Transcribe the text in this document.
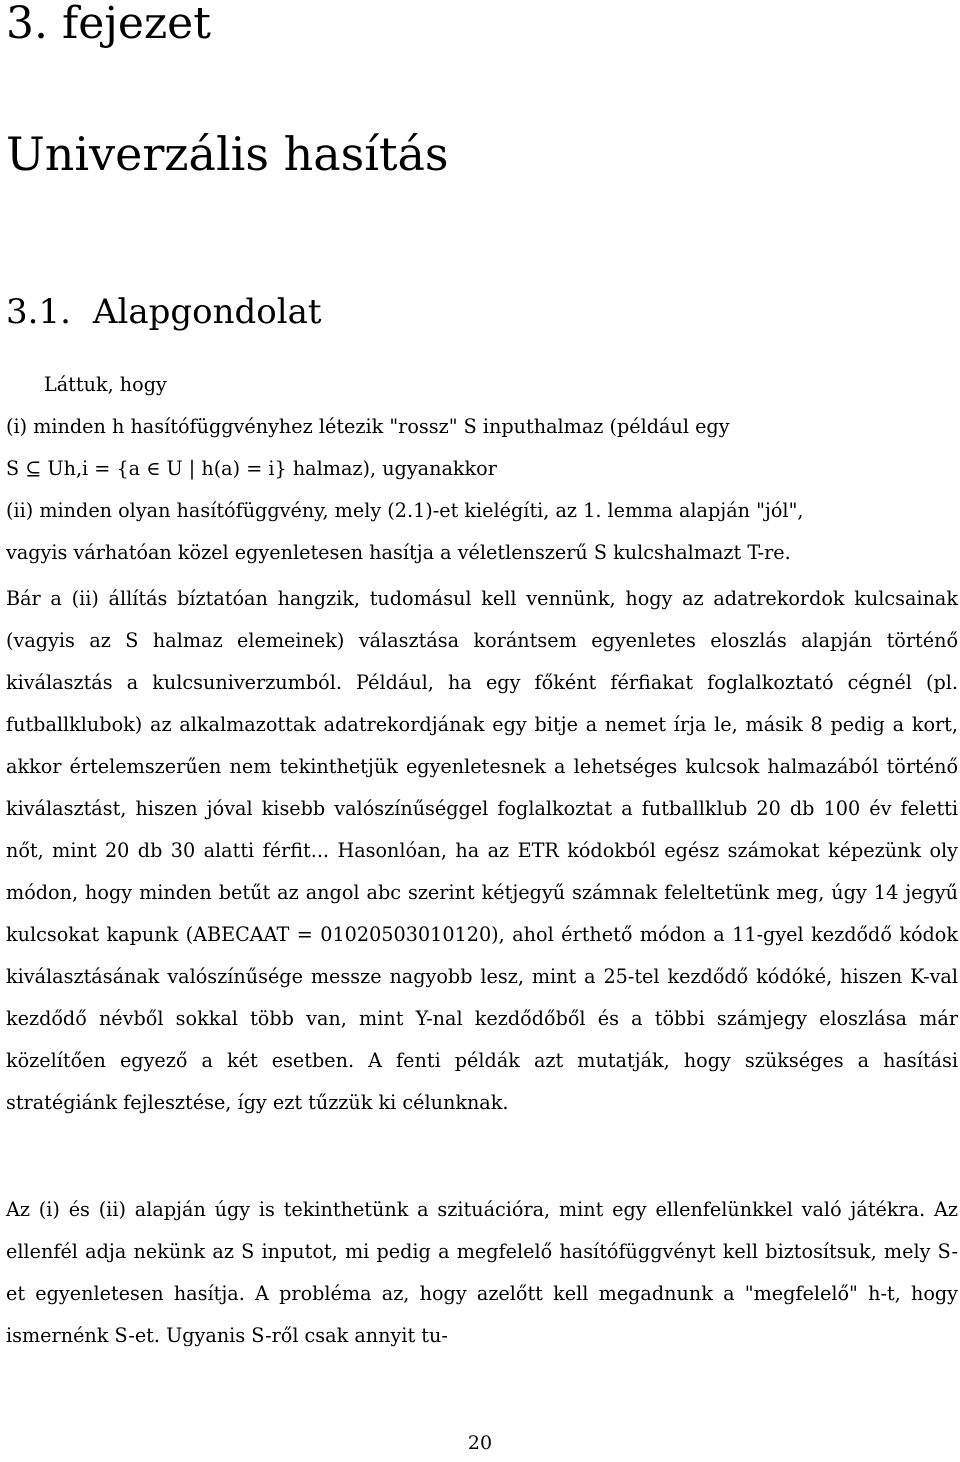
3. fejezet
Univerzális hasítás
3.1. Alapgondolat
Láttuk, hogy
(i) minden h hasítófüggvényhez létezik "rossz" S inputhalmaz (például egy
S ⊆ Uh,i = {a ∈ U | h(a) = i} halmaz), ugyanakkor
(ii) minden olyan hasítófüggvény, mely (2.1)-et kielégíti, az 1. lemma alapján "jól",
vagyis várhatóan közel egyenletesen hasítja a véletlenszerű S kulcshalmazt T-re.

Bár a (ii) állítás bíztatóan hangzik, tudomásul kell vennünk, hogy az adatrekordok kulcsainak (vagyis az S halmaz elemeinek) választása korántsem egyenletes eloszlás alapján történő kiválasztás a kulcsuniverzumból. Például, ha egy főként férfiakat foglalkoztató cégnél (pl. futballklubok) az alkalmazottak adatrekordjának egy bitje a nemet írja le, másik 8 pedig a kort, akkor értelemszerűen nem tekinthetjük egyenletesnek a lehetséges kulcsok halmazából történő kiválasztást, hiszen jóval kisebb valószínűséggel foglalkoztat a futballklub 20 db 100 év feletti nőt, mint 20 db 30 alatti férfit... Hasonlóan, ha az ETR kódokból egész számokat képezünk oly módon, hogy minden betűt az angol abc szerint kétjegyű számnak feleltetünk meg, úgy 14 jegyű kulcsokat kapunk (ABECAAT = 01020503010120), ahol érthető módon a 11-gyel kezdődő kódok kiválasztásának valószínűsége messze nagyobb lesz, mint a 25-tel kezdődő kódóké, hiszen K-val kezdődő névből sokkal több van, mint Y-nal kezdődőből és a többi számjegy eloszlása már közelítően egyező a két esetben. A fenti példák azt mutatják, hogy szükséges a hasítási stratégiánk fejlesztése, így ezt tűzzük ki célunknak.

Az (i) és (ii) alapján úgy is tekinthetünk a szituációra, mint egy ellenfelünkkel való játékra. Az ellenfél adja nekünk az S inputot, mi pedig a megfelelő hasítófüggvényt kell biztosítsuk, mely S-et egyenletesen hasítja. A probléma az, hogy azelőtt kell megadnunk a "megfelelő" h-t, hogy ismernénk S-et. Ugyanis S-ről csak annyit tu-

20
